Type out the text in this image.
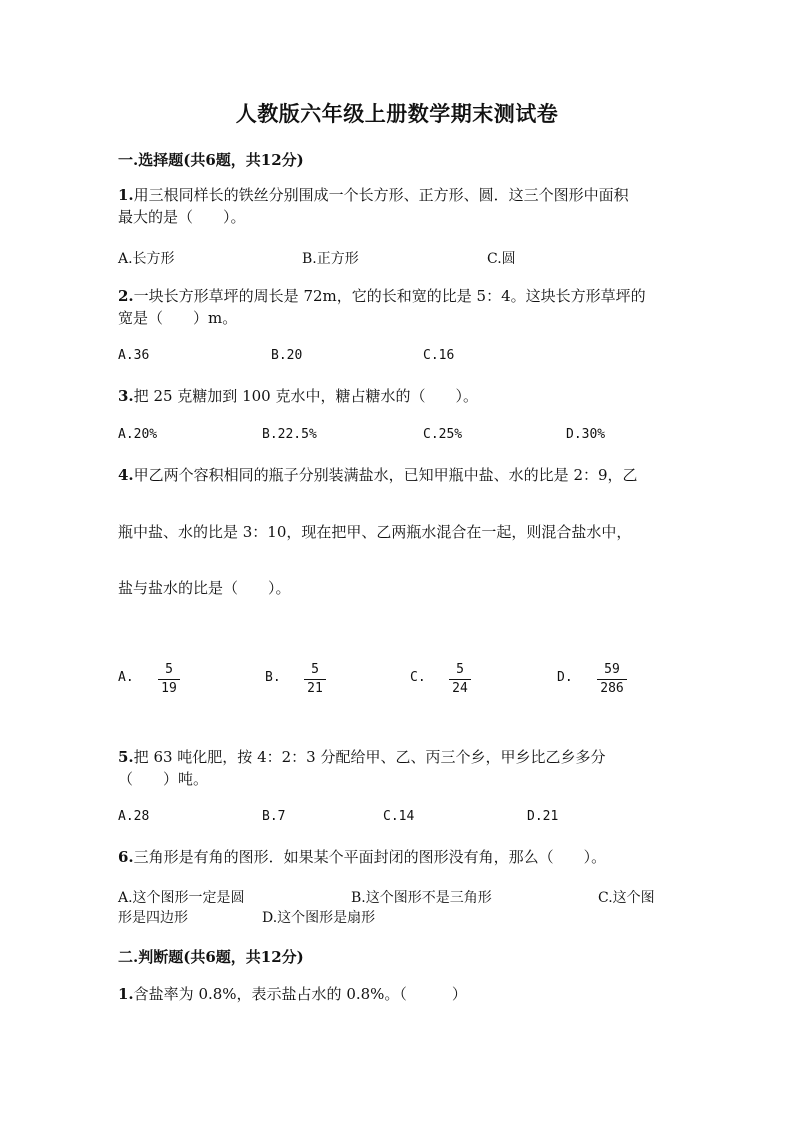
人教版六年级上册数学期末测试卷
一.选择题(共6题，共12分)
1.用三根同样长的铁丝分别围成一个长方形、正方形、圆．这三个图形中面积
最大的是（　　）。
A.长方形	B.正方形	C.圆
2.一块长方形草坪的周长是 72m，它的长和宽的比是 5：4。这块长方形草坪的
宽是（　　）m。
A.36	B.20	C.16
3.把 25 克糖加到 100 克水中，糖占糖水的（　　）。
A.20%	B.22.5%	C.25%	D.30%
4.甲乙两个容积相同的瓶子分别装满盐水，已知甲瓶中盐、水的比是 2：9，乙
瓶中盐、水的比是 3：10，现在把甲、乙两瓶水混合在一起，则混合盐水中，
盐与盐水的比是（　　）。
A.
5
19
B.
5
21
C.
5
24
D.
59
286
5.把 63 吨化肥，按 4：2：3 分配给甲、乙、丙三个乡，甲乡比乙乡多分
（　　）吨。
A.28	B.7	C.14	D.21
6.三角形是有角的图形．如果某个平面封闭的图形没有角，那么（　　）。
A.这个图形一定是圆	B.这个图形不是三角形	C.这个图
形是四边形	D.这个图形是扇形
二.判断题(共6题，共12分)
1.含盐率为 0.8%，表示盐占水的 0.8%。（　　　）
